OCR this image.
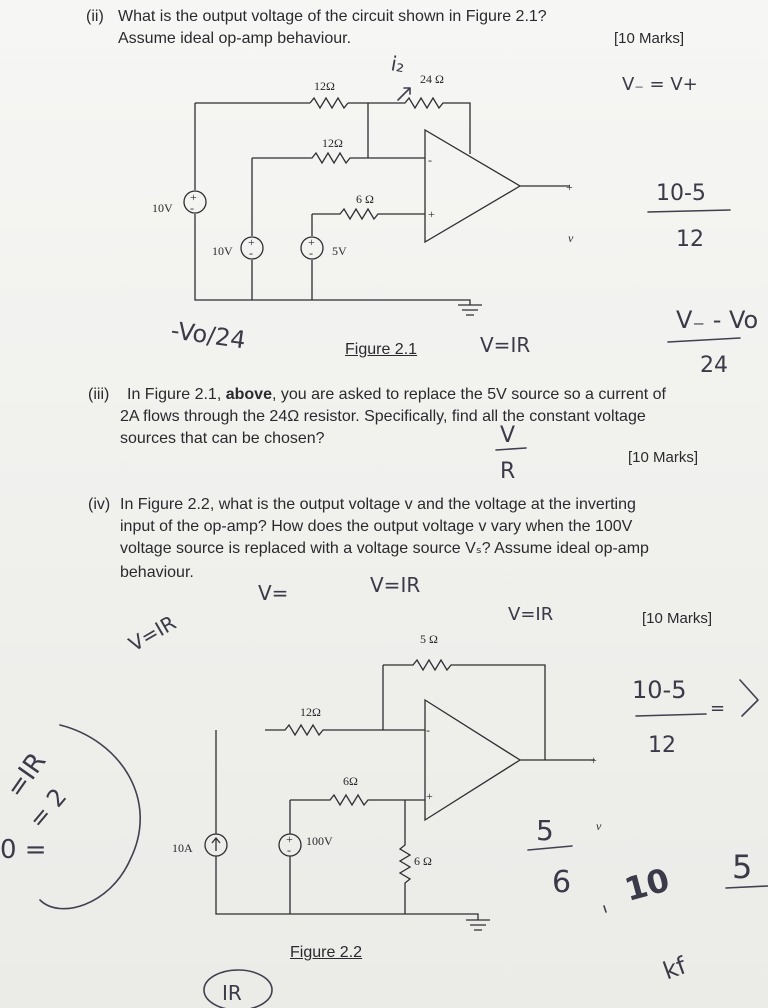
(ii) What is the output voltage of the circuit shown in Figure 2.1?
Assume ideal op-amp behaviour.	[10 Marks]
Figure 2.1
(iii) In Figure 2.1, above, you are asked to replace the 5V source so a current of
2A flows through the 24Ω resistor. Specifically, find all the constant voltage
sources that can be chosen?
[10 Marks]
(iv) In Figure 2.2, what is the output voltage v and the voltage at the inverting
input of the op-amp? How does the output voltage v vary when the 100V
voltage source is replaced with a voltage source Vₛ? Assume ideal op-amp
behaviour.
[10 Marks]
Figure 2.2
+
-
+
-
+
-
12Ω	24 Ω
12Ω
6 Ω
10V
10V	5V
-
+
+
v
+
-
-
+
5 Ω
12Ω
6Ω
6 Ω
10A	100V
+
v
i₂
V₋ = V+
10-5
12
-Vo/24	V=IR
V₋ - Vo
24
V
R
V=	V=IR
V=IR
V=IR
10-5
=
12
=IR
= 2
0 =
5
6 10 5
kf
IR
